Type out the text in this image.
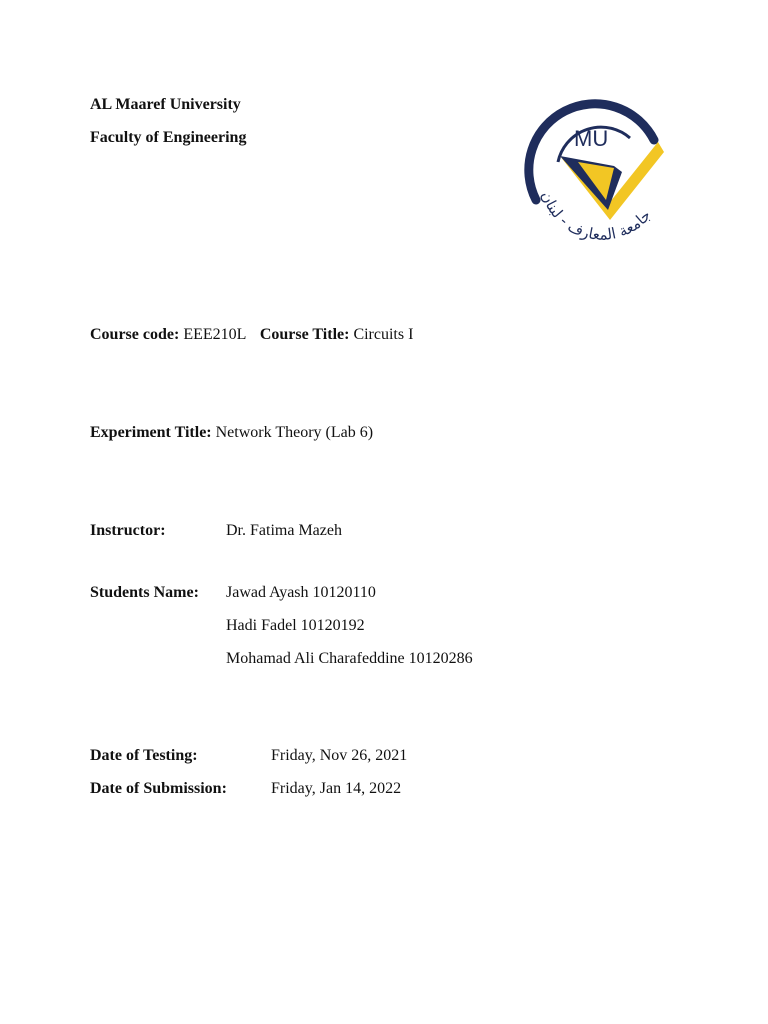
AL Maaref University
Faculty of Engineering	MU
جامعة المعارف - لبنان
Course code: EEE210L Course Title: Circuits I
Experiment Title: Network Theory (Lab 6)
Instructor:	Dr. Fatima Mazeh
Students Name: Jawad Ayash 10120110
Hadi Fadel 10120192
Mohamad Ali Charafeddine 10120286
Date of Testing:	Friday, Nov 26, 2021
Date of Submission:	Friday, Jan 14, 2022
